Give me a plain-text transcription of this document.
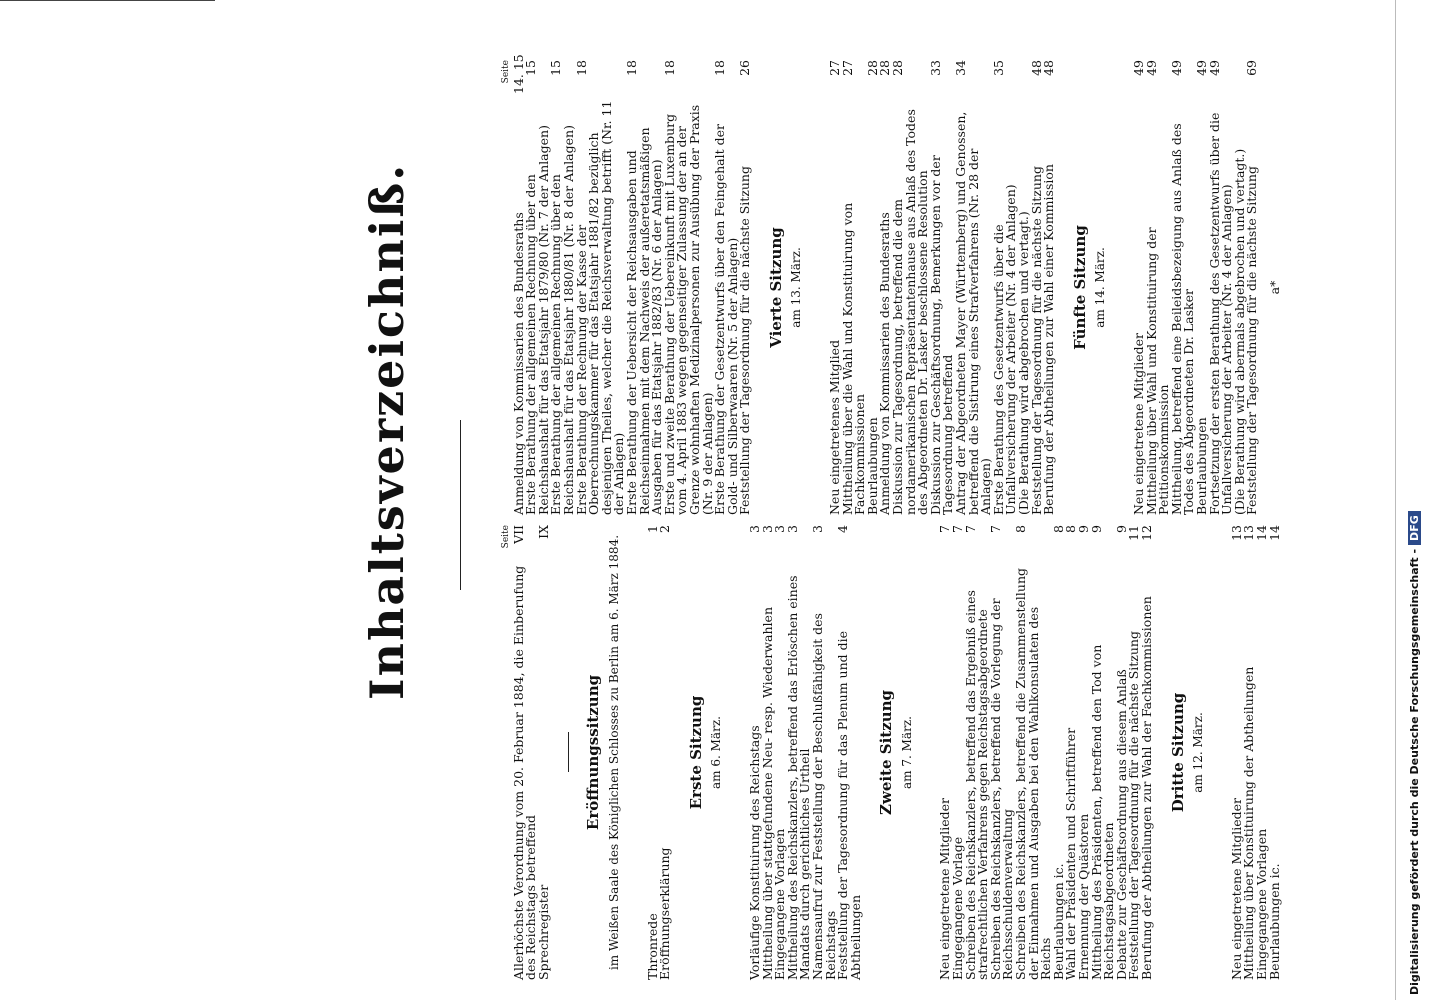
Inhaltsverzeichniß.	Seite
Allerhöchste Verordnung vom 20. Februar 1884, die Einberufung des Reichstags betreffend
VII
Sprechregister
IX
Eröffnungssitzung im Weißen Saale des Königlichen Schlosses zu Berlin am 6. März 1884. Thronrede
1
Eröffnungserklärung
2
Erste Sitzung am 6. März. Vorläufige Konstituirung des Reichstags
3
Mittheilung über stattgefundene Neu- resp. Wiederwahlen
3
Eingegangene Vorlagen
3
Mittheilung des Reichskanzlers, betreffend das Erlöschen eines Mandats durch gerichtliches Urtheil
3
Namensaufruf zur Feststellung der Beschlußfähigkeit des Reichstags
3
Feststellung der Tagesordnung für das Plenum und die Abtheilungen
4
Zweite Sitzung am 7. März.
Neu eingetretene Mitglieder
7
Eingegangene Vorlage
7
Schreiben des Reichskanzlers, betreffend das Ergebniß eines strafrechtlichen Verfahrens gegen Reichstagsabgeordnete
7
Schreiben des Reichskanzlers, betreffend die Vorlegung der Reichsschuldenverwaltung
7
Schreiben des Reichskanzlers, betreffend die Zusammenstellung der Einnahmen und Ausgaben bei den Wahlkonsulaten des Reichs
8
Beurlaubungen ic.
8
Wahl der Präsidenten und Schriftführer
8
Ernennung der Quästoren
9
Mittheilung des Präsidenten, betreffend den Tod von Reichstagsabgeordneten
9
Debatte zur Geschäftsordnung aus diesem Anlaß
9
Feststellung der Tagesordnung für die nächste Sitzung
11
Berufung der Abtheilungen zur Wahl der Fachkommissionen
12
Dritte Sitzung am 12. März.
Neu eingetretene Mitglieder
13
Mittheilung über Konstituirung der Abtheilungen
13
Eingegangene Vorlagen
14
Beurlaubungen ic.
14
Seite
Anmeldung von Kommissarien des Bundesraths
14. 15
Erste Berathung der allgemeinen Rechnung über den Reichshaushalt für das Etatsjahr 1879/80 (Nr. 7 der Anlagen)
15
Erste Berathung der allgemeinen Rechnung über den Reichshaushalt für das Etatsjahr 1880/81 (Nr. 8 der Anlagen)
15
Erste Berathung der Rechnung der Kasse der Oberrechnungskammer für das Etatsjahr 1881/82 bezüglich desjenigen Theiles, welcher die Reichsverwaltung betrifft (Nr. 11 der Anlagen)
18
Erste Berathung der Uebersicht der Reichsausgaben und Reichseinnahmen mit dem Nachweis der außeretatsmäßigen Ausgaben für das Etatsjahr 1882/83 (Nr. 6 der Anlagen)
18
Erste und zweite Berathung der Uebereinkunft mit Luxemburg vom 4. April 1883 wegen gegenseitiger Zulassung der an der Grenze wohnhaften Medizinalpersonen zur Ausübung der Praxis (Nr. 9 der Anlagen)
18
Erste Berathung der Gesetzentwurfs über den Feingehalt der Gold- und Silberwaaren (Nr. 5 der Anlagen)
18
Feststellung der Tagesordnung für die nächste Sitzung
26
Vierte Sitzung am 13. März.
Neu eingetretenes Mitglied
27
Mittheilung über die Wahl und Konstituirung von Fachkommissionen
27
Beurlaubungen
28
Anmeldung von Kommissarien des Bundesraths
28
Diskussion zur Tagesordnung, betreffend die dem nordamerikanischen Repräsentantenhause aus Anlaß des Todes des Abgeordneten Dr. Lasker beschlossene Resolution
28
Diskussion zur Geschäftsordnung, Bemerkungen vor der Tagesordnung betreffend
33
Antrag der Abgeordneten Mayer (Württemberg) und Genossen, betreffend die Sistirung eines Strafverfahrens (Nr. 28 der Anlagen)
34
Erste Berathung des Gesetzentwurfs über die Unfallversicherung der Arbeiter (Nr. 4 der Anlagen)
35
(Die Berathung wird abgebrochen und vertagt.)
Feststellung der Tagesordnung für die nächste Sitzung
48
Berufung der Abtheilungen zur Wahl einer Kommission
48
Fünfte Sitzung am 14. März.
Neu eingetretene Mitglieder
49
Mittheilung über Wahl und Konstituirung der Petitionskommission
49
Mittheilung, betreffend eine Beileidsbezeigung aus Anlaß des Todes des Abgeordneten Dr. Lasker
49
Beurlaubungen
49
Fortsetzung der ersten Berathung des Gesetzentwurfs über die Unfallversicherung der Arbeiter (Nr. 4 der Anlagen)
49
(Die Berathung wird abermals abgebrochen und vertagt.)
Feststellung der Tagesordnung für die nächste Sitzung
69
a*
Digitalisierung gefördert durch die Deutsche Forschungsgemeinschaft -DFG
